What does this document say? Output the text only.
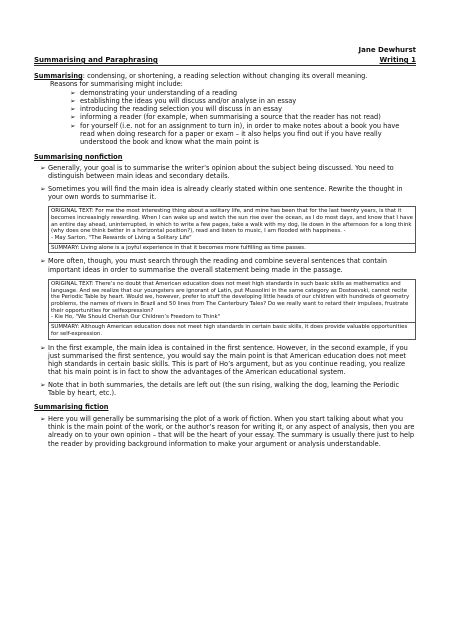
Jane Dewhurst
Summarising and Paraphrasing	Writing 1

Summarising: condensing, or shortening, a reading selection without changing its overall meaning.

Reasons for summarising might include:

➢ demonstrating your understanding of a reading
➢ establishing the ideas you will discuss and/or analyse in an essay
➢ introducing the reading selection you will discuss in an essay
➢ informing a reader (for example, when summarising a source that the reader has not read)
➢ for yourself (i.e. not for an assignment to turn in), in order to make notes about a book you have read when doing research for a paper or exam – it also helps you find out if you have really understood the book and know what the main point is

Summarising nonfiction

➢ Generally, your goal is to summarise the writer’s opinion about the subject being discussed. You need to distinguish between main ideas and secondary details.
➢ Sometimes you will find the main idea is already clearly stated within one sentence. Rewrite the thought in your own words to summarise it.
ORIGINAL TEXT: For me the most interesting thing about a solitary life, and mine has been that for the last twenty years, is that it becomes increasingly rewarding. When I can wake up and watch the sun rise over the ocean, as I do most days, and know that I have an entire day ahead, uninterrupted, in which to write a few pages, take a walk with my dog, lie down in the afternoon for a long think (why does one think better in a horizontal position?), read and listen to music, I am flooded with happiness. -
- May Sarton, "The Rewards of Living a Solitary Life"
SUMMARY: Living alone is a joyful experience in that it becomes more fulfilling as time passes.
➢ More often, though, you must search through the reading and combine several sentences that contain important ideas in order to summarise the overall statement being made in the passage.
ORIGINAL TEXT: There’s no doubt that American education does not meet high standards in such basic skills as mathematics and language. And we realize that our youngsters are ignorant of Latin, put Mussolini in the same category as Dostoevski, cannot recite the Periodic Table by heart. Would we, however, prefer to stuff the developing little heads of our children with hundreds of geometry problems, the names of rivers in Brazil and 50 lines from The Canterbury Tales? Do we really want to retard their impulses, frustrate their opportunities for selfexpression?
- Kie Ho, "We Should Cherish Our Children’s Freedom to Think"
SUMMARY: Although American education does not meet high standards in certain basic skills, it does provide valuable opportunities for self-expression.
➢ In the first example, the main idea is contained in the first sentence. However, in the second example, if you just summarised the first sentence, you would say the main point is that American education does not meet high standards in certain basic skills. This is part of Ho’s argument, but as you continue reading, you realize that his main point is in fact to show the advantages of the American educational system.
➢ Note that in both summaries, the details are left out (the sun rising, walking the dog, learning the Periodic Table by heart, etc.).

Summarising fiction

➢ Here you will generally be summarising the plot of a work of fiction. When you start talking about what you think is the main point of the work, or the author’s reason for writing it, or any aspect of analysis, then you are already on to your own opinion – that will be the heart of your essay. The summary is usually there just to help the reader by providing background information to make your argument or analysis understandable.
